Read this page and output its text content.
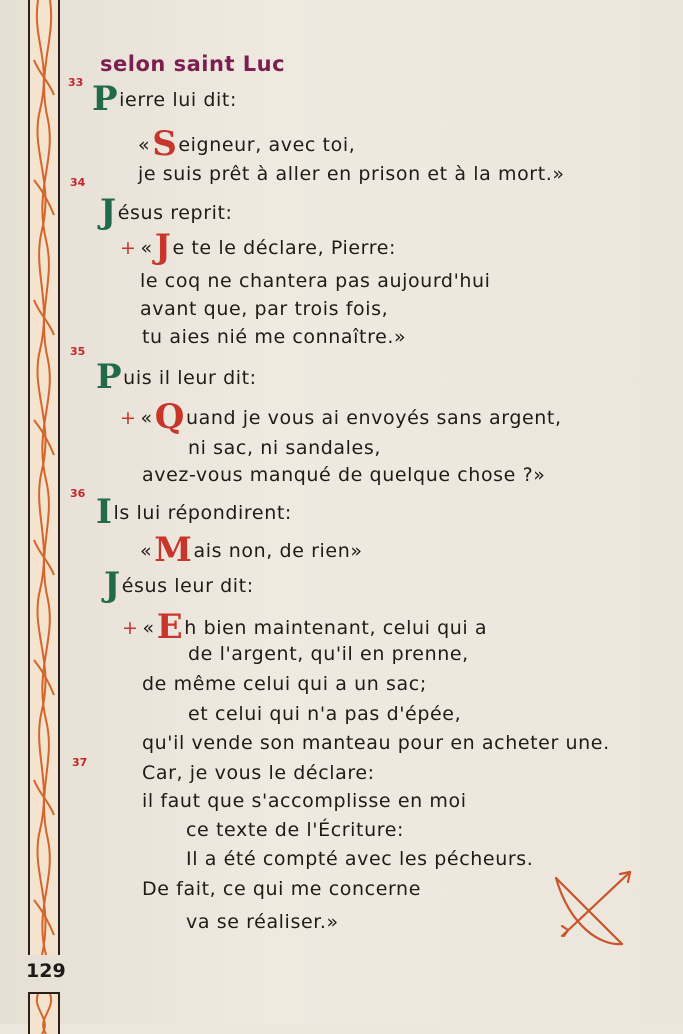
129
selon saint Luc
33
34
35
36
37
Pierre lui dit:
«Seigneur, avec toi,
je suis prêt à aller en prison et à la mort.»
Jésus reprit:
+ «Je te le déclare, Pierre:
le coq ne chantera pas aujourd'hui
avant que, par trois fois,
tu aies nié me connaître.»
Puis il leur dit:
+ «Quand je vous ai envoyés sans argent,
ni sac, ni sandales,
avez-vous manqué de quelque chose ?»
Ils lui répondirent:
«Mais non, de rien»
Jésus leur dit:
+ «Eh bien maintenant, celui qui a
de l'argent, qu'il en prenne,
de même celui qui a un sac;
et celui qui n'a pas d'épée,
qu'il vende son manteau pour en acheter une.
Car, je vous le déclare:
il faut que s'accomplisse en moi
ce texte de l'Écriture:
Il a été compté avec les pécheurs.
De fait, ce qui me concerne
va se réaliser.»
